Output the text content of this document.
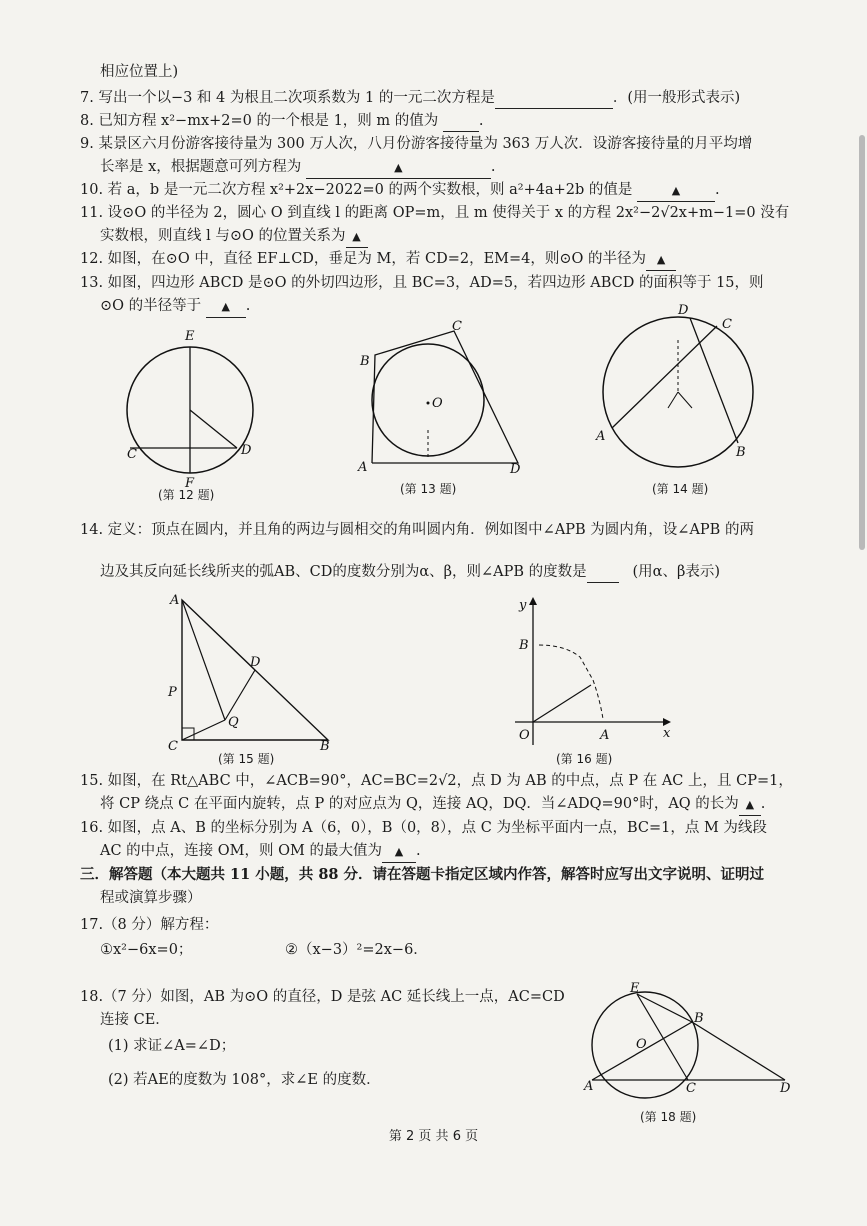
相应位置上)
7. 写出一个以−3 和 4 为根且二次项系数为 1 的一元二次方程是	．(用一般形式表示)
8. 已知方程 x²−mx+2=0 的一个根是 1，则 m 的值为	.
9. 某景区六月份游客接待量为 300 万人次，八月份游客接待量为 363 万人次．设游客接待量的月平均增
长率是 x，根据题意可列方程为	▲	.
10. 若 a，b 是一元二次方程 x²+2x−2022=0 的两个实数根，则 a²+4a+2b 的值是	▲ .
11. 设⊙O 的半径为 2，圆心 O 到直线 l 的距离 OP=m，且 m 使得关于 x 的方程 2x²−2√2x+m−1=0 没有
实数根，则直线 l 与⊙O 的位置关系为 ▲
12. 如图，在⊙O 中，直径 EF⊥CD，垂足为 M，若 CD=2，EM=4，则⊙O 的半径为 ▲
13. 如图，四边形 ABCD 是⊙O 的外切四边形，且 BC=3，AD=5，若四边形 ABCD 的面积等于 15，则
⊙O 的半径等于 ▲ .
E
F
C	D
(第 12 题)
O
B
C
A	D
(第 13 题)
D
C
A
B
(第 14 题)
14. 定义：顶点在圆内，并且角的两边与圆相交的角叫圆内角．例如图中∠APB 为圆内角，设∠APB 的两
边及其反向延长线所夹的弧AB、CD的度数分别为α、β，则∠APB 的度数是	(用α、β表示)
A
D
P
Q
C	B
(第 15 题)
y
B
O	A	x
(第 16 题)
15. 如图，在 Rt△ABC 中，∠ACB=90°，AC=BC=2√2，点 D 为 AB 的中点，点 P 在 AC 上，且 CP=1，
将 CP 绕点 C 在平面内旋转，点 P 的对应点为 Q，连接 AQ，DQ．当∠ADQ=90°时，AQ 的长为 ▲ .
16. 如图，点 A、B 的坐标分别为 A（6，0），B（0，8），点 C 为坐标平面内一点，BC=1，点 M 为线段
AC 的中点，连接 OM，则 OM 的最大值为 ▲ .
三．解答题（本大题共 11 小题，共 88 分．请在答题卡指定区域内作答，解答时应写出文字说明、证明过
程或演算步骤）
17.（8 分）解方程：
①x²−6x=0；	②（x−3）²=2x−6．
18.（7 分）如图，AB 为⊙O 的直径，D 是弦 AC 延长线上一点，AC=CD
连接 CE．
(1) 求证∠A=∠D；
(2) 若AE的度数为 108°，求∠E 的度数．
E
B
O
A	C	D
(第 18 题)
第 2 页 共 6 页
